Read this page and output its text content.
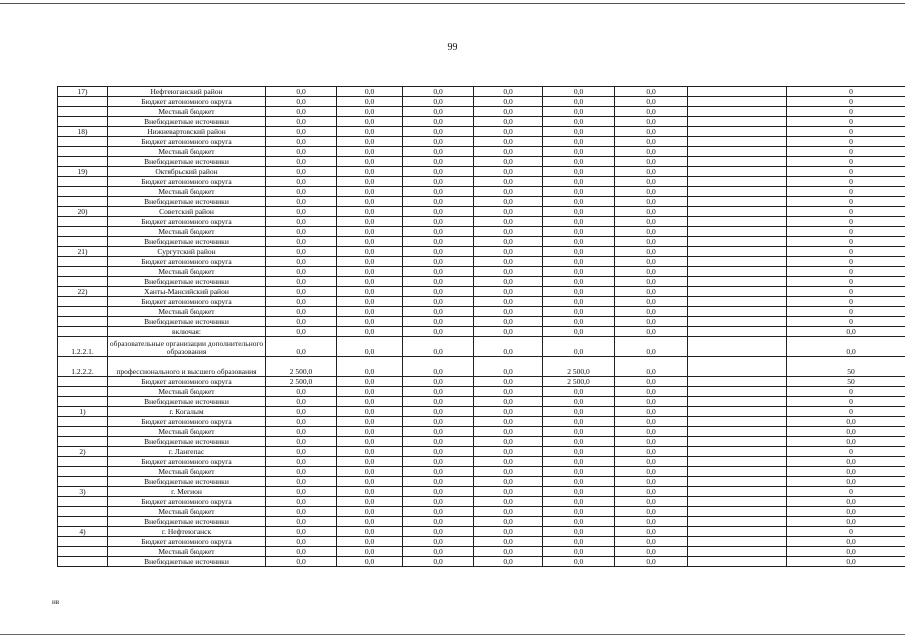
99
17)	Нефтеюганский район	0,0	0,0	0,0	0,0	0,0	0,0		0
	Бюджет автономного округа	0,0	0,0	0,0	0,0	0,0	0,0		0
	Местный бюджет	0,0	0,0	0,0	0,0	0,0	0,0		0
	Внебюджетные источники	0,0	0,0	0,0	0,0	0,0	0,0		0
18)	Нижневартовский район	0,0	0,0	0,0	0,0	0,0	0,0		0
	Бюджет автономного округа	0,0	0,0	0,0	0,0	0,0	0,0		0
	Местный бюджет	0,0	0,0	0,0	0,0	0,0	0,0		0
	Внебюджетные источники	0,0	0,0	0,0	0,0	0,0	0,0		0
19)	Октябрьский район	0,0	0,0	0,0	0,0	0,0	0,0		0
	Бюджет автономного округа	0,0	0,0	0,0	0,0	0,0	0,0		0
	Местный бюджет	0,0	0,0	0,0	0,0	0,0	0,0		0
	Внебюджетные источники	0,0	0,0	0,0	0,0	0,0	0,0		0
20)	Советский район	0,0	0,0	0,0	0,0	0,0	0,0		0
	Бюджет автономного округа	0,0	0,0	0,0	0,0	0,0	0,0		0
	Местный бюджет	0,0	0,0	0,0	0,0	0,0	0,0		0
	Внебюджетные источники	0,0	0,0	0,0	0,0	0,0	0,0		0
21)	Сургутский район	0,0	0,0	0,0	0,0	0,0	0,0		0
	Бюджет автономного округа	0,0	0,0	0,0	0,0	0,0	0,0		0
	Местный бюджет	0,0	0,0	0,0	0,0	0,0	0,0		0
	Внебюджетные источники	0,0	0,0	0,0	0,0	0,0	0,0		0
22)	Ханты-Мансийский район	0,0	0,0	0,0	0,0	0,0	0,0		0
	Бюджет автономного округа	0,0	0,0	0,0	0,0	0,0	0,0		0
	Местный бюджет	0,0	0,0	0,0	0,0	0,0	0,0		0
	Внебюджетные источники	0,0	0,0	0,0	0,0	0,0	0,0		0
	включая:	0,0	0,0	0,0	0,0	0,0	0,0		0,0
1.2.2.1.	образовательные организации дополнительного образования	0,0	0,0	0,0	0,0	0,0	0,0		0,0
1.2.2.2.	профессионального и высшего образования	2 500,0	0,0	0,0	0,0	2 500,0	0,0		50
	Бюджет автономного округа	2 500,0	0,0	0,0	0,0	2 500,0	0,0		50
	Местный бюджет	0,0	0,0	0,0	0,0	0,0	0,0		0
	Внебюджетные источники	0,0	0,0	0,0	0,0	0,0	0,0		0
1)	г. Когалым	0,0	0,0	0,0	0,0	0,0	0,0		0
	Бюджет автономного округа	0,0	0,0	0,0	0,0	0,0	0,0		0,0
	Местный бюджет	0,0	0,0	0,0	0,0	0,0	0,0		0,0
	Внебюджетные источники	0,0	0,0	0,0	0,0	0,0	0,0		0,0
2)	г. Лангепас	0,0	0,0	0,0	0,0	0,0	0,0		0
	Бюджет автономного округа	0,0	0,0	0,0	0,0	0,0	0,0		0,0
	Местный бюджет	0,0	0,0	0,0	0,0	0,0	0,0		0,0
	Внебюджетные источники	0,0	0,0	0,0	0,0	0,0	0,0		0,0
3)	г. Мегион	0,0	0,0	0,0	0,0	0,0	0,0		0
	Бюджет автономного округа	0,0	0,0	0,0	0,0	0,0	0,0		0,0
	Местный бюджет	0,0	0,0	0,0	0,0	0,0	0,0		0,0
	Внебюджетные источники	0,0	0,0	0,0	0,0	0,0	0,0		0,0
4)	г. Нефтеюганск	0,0	0,0	0,0	0,0	0,0	0,0		0
	Бюджет автономного округа	0,0	0,0	0,0	0,0	0,0	0,0		0,0
	Местный бюджет	0,0	0,0	0,0	0,0	0,0	0,0		0,0
	Внебюджетные источники	0,0	0,0	0,0	0,0	0,0	0,0		0,0
нв
